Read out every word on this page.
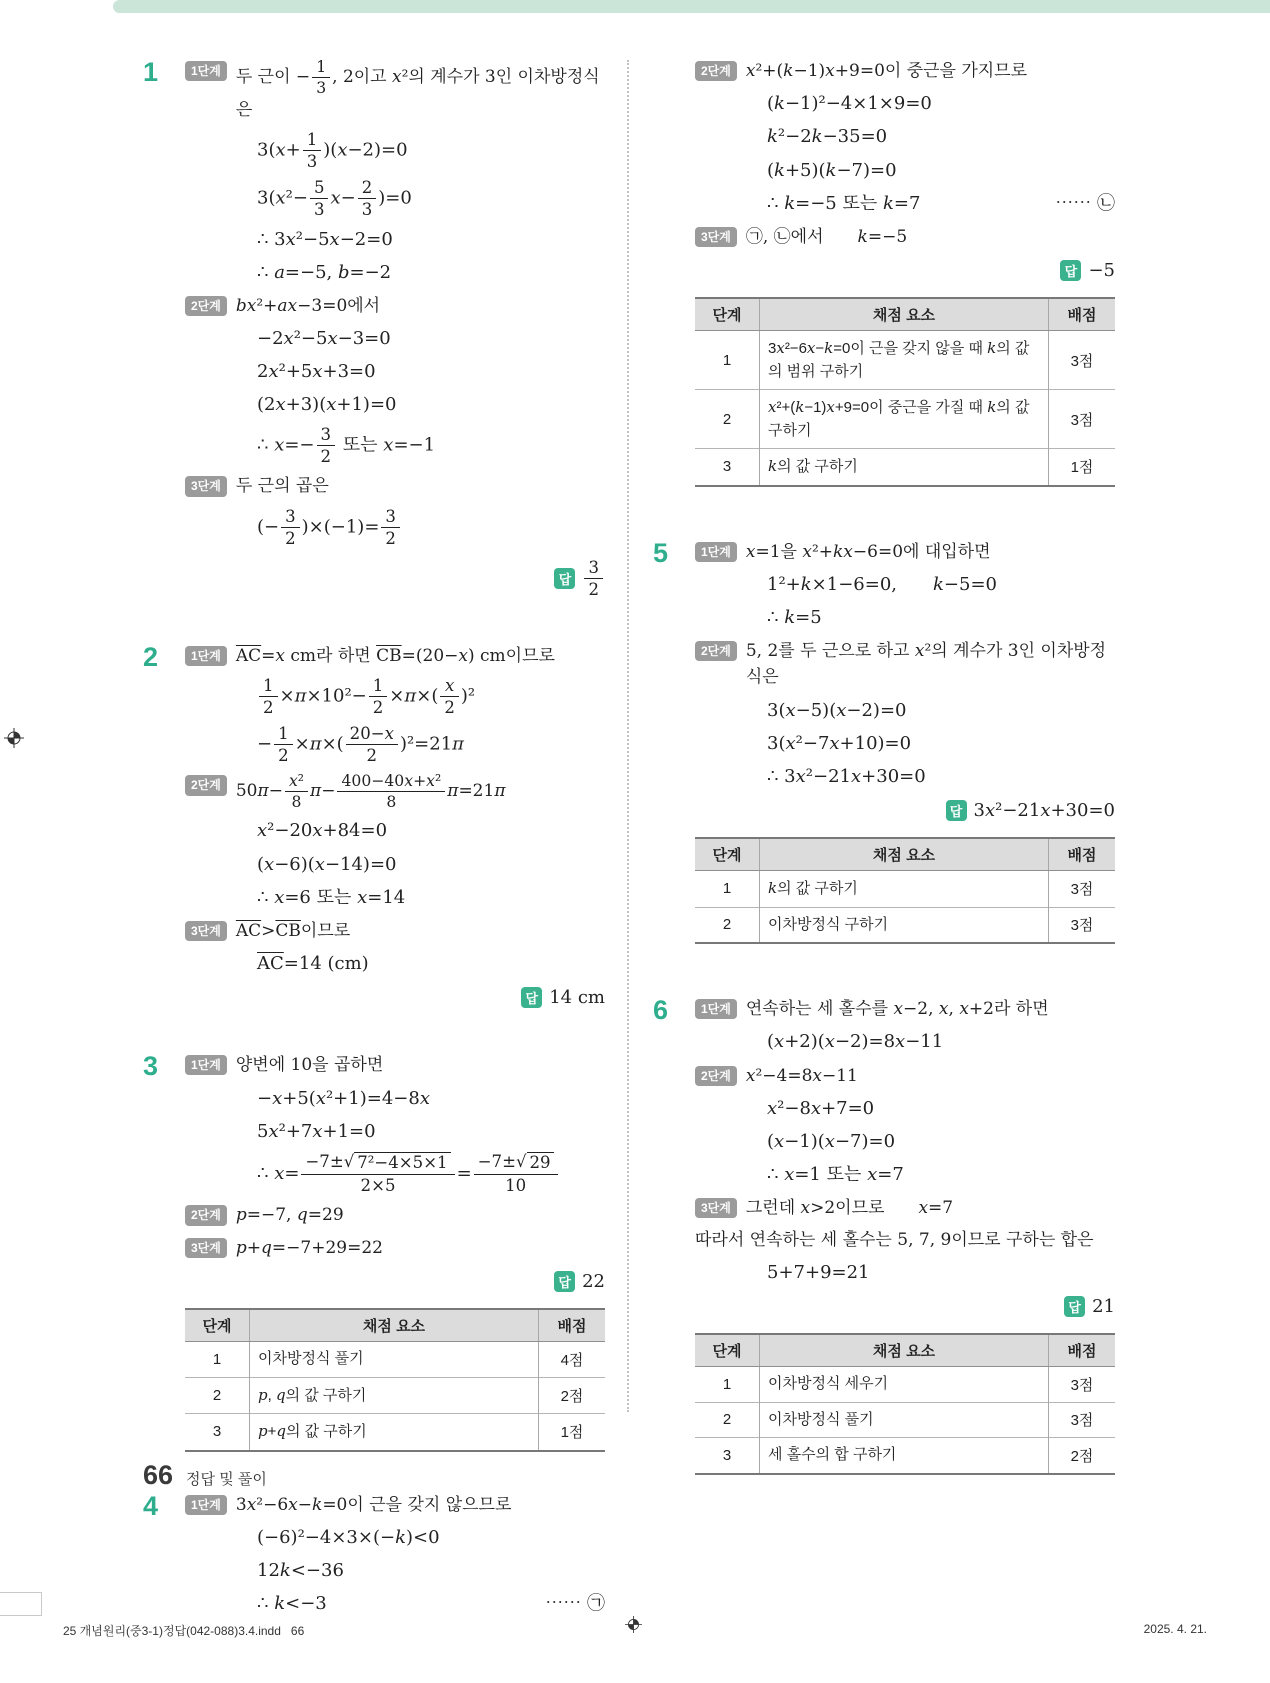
1	1단계 두 근이 − $\frac{1}{3}$ , 2이고 x²의 계수가 3인 이차방정식은
$3(x+ \frac{1}{3} )(x-2)=0$
$3(x^2- \frac{5}{3} x- \frac{2}{3} )=0$
∴ 3x²−5x−2=0
∴ a=−5, b=−2
2단계 bx²+ax−3=0에서
−2x²−5x−3=0
2x²+5x+3=0
(2x+3)(x+1)=0
∴ $x=- \frac{3}{2}$ 또는 x=−1
3단계 두 근의 곱은
(− $\frac{3}{2} )\times(-1)= \frac{3}{2}$
답 $\frac{3}{2}$
2	1단계 $\overline{AC}=x$ cm라 하면 $\overline{CB}=(20-x)$ cm이므로
$\frac{1}{2} \times\pi\times 10^2- \frac{1}{2} \times\pi\times( \frac{x}{2} )^2$
− $\frac{1}{2} \times\pi\times( \frac{20-x}{2} )^2=21\pi$
2단계 $50\pi- \frac{\text{x²}}{8} \pi- \frac{\text{400−40x+x²}}{8} \pi=21\pi$
x²−20x+84=0
(x−6)(x−14)=0
∴ x=6 또는 x=14
3단계 $\overline{AC}>\overline{CB}$이므로
$\overline{AC}=14$ (cm)
답 14 cm
3	1단계 양변에 10을 곱하면
−x+5(x²+1)=4−8x
5x²+7x+1=0
∴ $x= \frac{\text{−7± √ 7²−4×5×1}}{2\times 5} = \frac{-7\pm √ 29}{10}$
2단계 p=−7, q=29
3단계 p+q=−7+29=22
답 22
단계	채점 요소	배점
1	이차방정식 풀기	4점
2	p, q의 값 구하기	2점
3	p+q의 값 구하기	1점
4	1단계 3x²−6x−k=0이 근을 갖지 않으므로
(−6)²−4×3×(−k)<0
12k<−36
∴ k<−3	⋯⋯ ㉠
2단계 x²+(k−1)x+9=0이 중근을 가지므로
(k−1)²−4×1×9=0
k²−2k−35=0
(k+5)(k−7)=0
∴ k=−5 또는 k=7	⋯⋯ ㉡
3단계 ㉠, ㉡에서  k=−5
답 −5
단계	채점 요소	배점
1	3x²−6x−k=0이 근을 갖지 않을 때 k의 값의 범위 구하기	3점
2	x²+(k−1)x+9=0이 중근을 가질 때 k의 값 구하기	3점
3	k의 값 구하기	1점
5	1단계 x=1을 x²+kx−6=0에 대입하면
1²+k×1−6=0,  k−5=0
∴ k=5
2단계 5, 2를 두 근으로 하고 x²의 계수가 3인 이차방정식은
3(x−5)(x−2)=0
3(x²−7x+10)=0
∴ 3x²−21x+30=0
답 3x²−21x+30=0
단계	채점 요소	배점
1	k의 값 구하기	3점
2	이차방정식 구하기	3점
6	1단계 연속하는 세 홀수를 x−2, x, x+2라 하면
(x+2)(x−2)=8x−11
2단계 x²−4=8x−11
x²−8x+7=0
(x−1)(x−7)=0
∴ x=1 또는 x=7
3단계 그런데 x>2이므로  x=7
따라서 연속하는 세 홀수는 5, 7, 9이므로 구하는 합은
5+7+9=21
답 21
단계	채점 요소	배점
1	이차방정식 세우기	3점
2	이차방정식 풀기	3점
3	세 홀수의 합 구하기	2점
66 정답 및 풀이
25 개념원리(중3-1)정답(042-088)3.4.indd   66	2025. 4. 21.
